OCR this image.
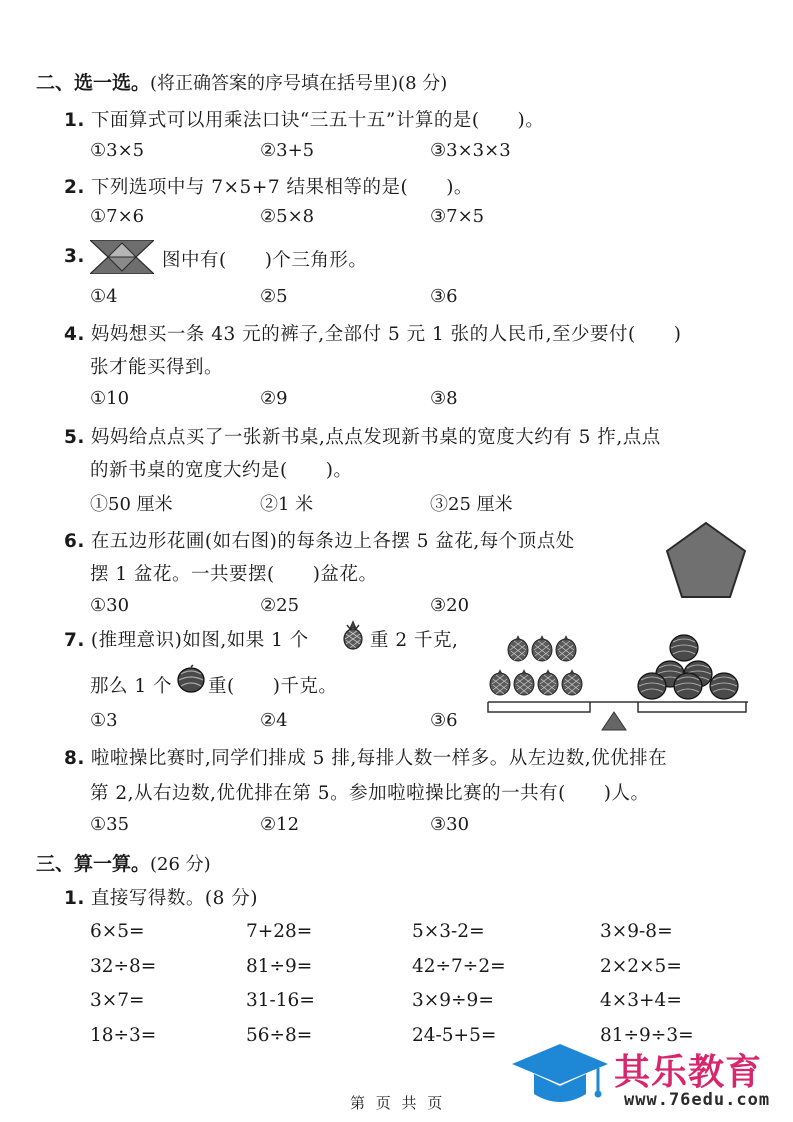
二、选一选。(将正确答案的序号填在括号里)(8 分)
1. 下面算式可以用乘法口诀“三五十五”计算的是(　　)。
①3×5	②3+5	③3×3×3
2. 下列选项中与 7×5+7 结果相等的是(　　)。
①7×6	②5×8	③7×5
3.	图中有(　　)个三角形。
①4	②5	③6
4. 妈妈想买一条 43 元的裤子,全部付 5 元 1 张的人民币,至少要付(　　)
张才能买得到。
①10	②9	③8
5. 妈妈给点点买了一张新书桌,点点发现新书桌的宽度大约有 5 拃,点点
的新书桌的宽度大约是(　　)。
①50 厘米	②1 米	③25 厘米
6. 在五边形花圃(如右图)的每条边上各摆 5 盆花,每个顶点处
摆 1 盆花。一共要摆(　　)盆花。
①30	②25	③20
7. (推理意识)如图,如果 1 个	重 2 千克,
那么 1 个 重(　　)千克。
①3	②4	③6
8. 啦啦操比赛时,同学们排成 5 排,每排人数一样多。从左边数,优优排在
第 2,从右边数,优优排在第 5。参加啦啦操比赛的一共有(　　)人。
①35	②12	③30
三、算一算。(26 分)
1. 直接写得数。(8 分)
6×5=	7+28=	5×3-2=	3×9-8=
32÷8=	81÷9=	42÷7÷2=	2×2×5=
3×7=	31-16=	3×9÷9=	4×3+4=
18÷3=	56÷8=	24-5+5=	81÷9÷3=
第 页 共 页
其乐教育
www.76edu.com
